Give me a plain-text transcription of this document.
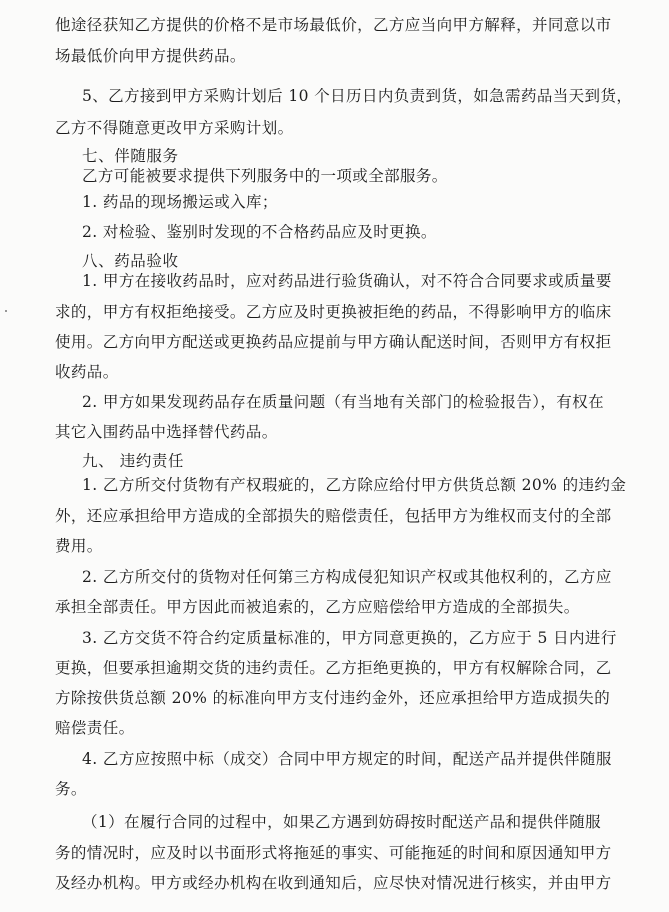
他途径获知乙方提供的价格不是市场最低价，乙方应当向甲方解释，并同意以市
场最低价向甲方提供药品。
5、乙方接到甲方采购计划后 10 个日历日内负责到货，如急需药品当天到货，
乙方不得随意更改甲方采购计划。
七、伴随服务
乙方可能被要求提供下列服务中的一项或全部服务。
1. 药品的现场搬运或入库；
2. 对检验、鉴别时发现的不合格药品应及时更换。
八、药品验收
1. 甲方在接收药品时，应对药品进行验货确认，对不符合合同要求或质量要
求的，甲方有权拒绝接受。乙方应及时更换被拒绝的药品，不得影响甲方的临床
使用。乙方向甲方配送或更换药品应提前与甲方确认配送时间，否则甲方有权拒
收药品。
2. 甲方如果发现药品存在质量问题（有当地有关部门的检验报告），有权在
其它入围药品中选择替代药品。
九、 违约责任
1. 乙方所交付货物有产权瑕疵的，乙方除应给付甲方供货总额 20% 的违约金
外，还应承担给甲方造成的全部损失的赔偿责任，包括甲方为维权而支付的全部
费用。
2. 乙方所交付的货物对任何第三方构成侵犯知识产权或其他权利的，乙方应
承担全部责任。甲方因此而被追索的，乙方应赔偿给甲方造成的全部损失。
3. 乙方交货不符合约定质量标准的，甲方同意更换的，乙方应于 5 日内进行
更换，但要承担逾期交货的违约责任。乙方拒绝更换的，甲方有权解除合同，乙
方除按供货总额 20% 的标准向甲方支付违约金外，还应承担给甲方造成损失的
赔偿责任。
4. 乙方应按照中标（成交）合同中甲方规定的时间，配送产品并提供伴随服
务。
（1）在履行合同的过程中，如果乙方遇到妨碍按时配送产品和提供伴随服
务的情况时，应及时以书面形式将拖延的事实、可能拖延的时间和原因通知甲方
及经办机构。甲方或经办机构在收到通知后，应尽快对情况进行核实，并由甲方
